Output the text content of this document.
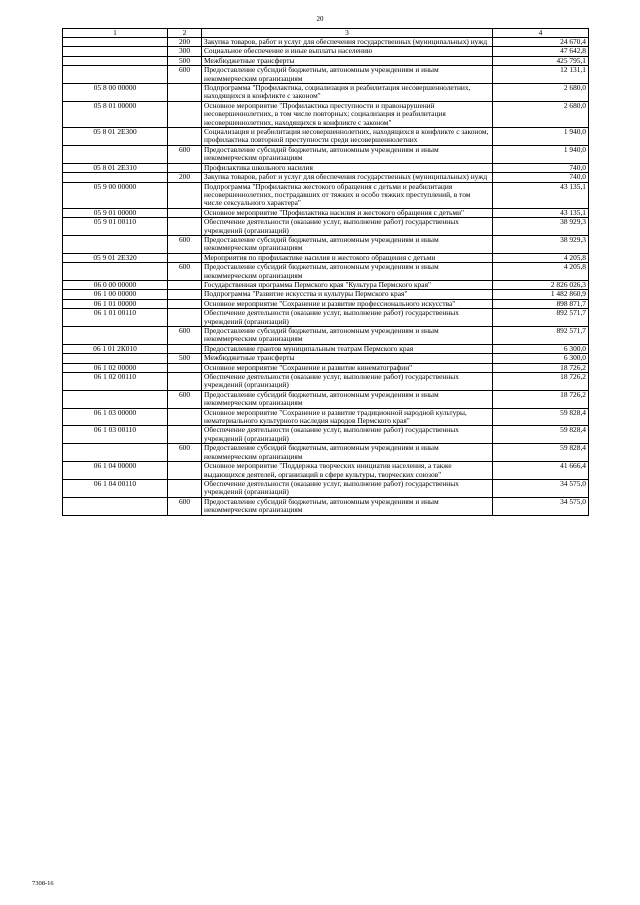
20
1	2	3	4
	200	Закупка товаров, работ и услуг для обеспечения государственных (муниципальных) нужд	24 670,4
	300	Социальное обеспечение и иные выплаты населению	47 642,8
	500	Межбюджетные трансферты	425 795,1
	600	Предоставление субсидий бюджетным, автономным учреждениям и иным некоммерческим организациям	12 131,1
05 8 00 00000		Подпрограмма "Профилактика, социализация и реабилитация несовершеннолетних, находящихся в конфликте с законом"	2 680,0
05 8 01 00000		Основное мероприятие "Профилактика преступности и правонарушений несовершеннолетних, в том числе повторных; социализация и реабилитация несовершеннолетних, находящихся в конфликте с законом"	2 680,0
05 8 01 2Е300		Социализация и реабилитация несовершеннолетних, находящихся в конфликте с законом, профилактика повторной преступности среди несовершеннолетних	1 940,0
	600	Предоставление субсидий бюджетным, автономным учреждениям и иным некоммерческим организациям	1 940,0
05 8 01 2Е310		Профилактика школьного насилия	740,0
	200	Закупка товаров, работ и услуг для обеспечения государственных (муниципальных) нужд	740,0
05 9 00 00000		Подпрограмма "Профилактика жестокого обращения с детьми и реабилитация несовершеннолетних, пострадавших от тяжких и особо тяжких преступлений, в том числе сексуального характера"	43 135,1
05 9 01 00000		Основное мероприятие "Профилактика насилия и жестокого обращения с детьми"	43 135,1
05 9 01 00110		Обеспечение деятельности (оказание услуг, выполнение работ) государственных учреждений (организаций)	38 929,3
	600	Предоставление субсидий бюджетным, автономным учреждениям и иным некоммерческим организациям	38 929,3
05 9 01 2Е320		Мероприятия по профилактике насилия и жестокого обращения с детьми	4 205,8
	600	Предоставление субсидий бюджетным, автономным учреждениям и иным некоммерческим организациям	4 205,8
06 0 00 00000		Государственная программа Пермского края "Культура Пермского края"	2 826 026,3
06 1 00 00000		Подпрограмма "Развитие искусства и культуры Пермского края"	1 482 860,9
06 1 01 00000		Основное мероприятие "Сохранение и развитие профессионального искусства"	898 871,7
06 1 01 00110		Обеспечение деятельности (оказание услуг, выполнение работ) государственных учреждений (организаций)	892 571,7
	600	Предоставление субсидий бюджетным, автономным учреждениям и иным некоммерческим организациям	892 571,7
06 1 01 2К010		Предоставление грантов муниципальным театрам Пермского края	6 300,0
	500	Межбюджетные трансферты	6 300,0
06 1 02 00000		Основное мероприятие "Сохранение и развитие кинематографии"	18 726,2
06 1 02 00110		Обеспечение деятельности (оказание услуг, выполнение работ) государственных учреждений (организаций)	18 726,2
	600	Предоставление субсидий бюджетным, автономным учреждениям и иным некоммерческим организациям	18 726,2
06 1 03 00000		Основное мероприятие "Сохранение и развитие традиционной народной культуры, нематериального культурного наследия народов Пермского края"	59 828,4
06 1 03 00110		Обеспечение деятельности (оказание услуг, выполнение работ) государственных учреждений (организаций)	59 828,4
	600	Предоставление субсидий бюджетным, автономным учреждениям и иным некоммерческим организациям	59 828,4
06 1 04 00000		Основное мероприятие "Поддержка творческих инициатив населения, а также выдающихся деятелей, организаций в сфере культуры, творческих союзов"	41 666,4
06 1 04 00110		Обеспечение деятельности (оказание услуг, выполнение работ) государственных учреждений (организаций)	34 575,0
	600	Предоставление субсидий бюджетным, автономным учреждениям и иным некоммерческим организациям	34 575,0
7308-16
